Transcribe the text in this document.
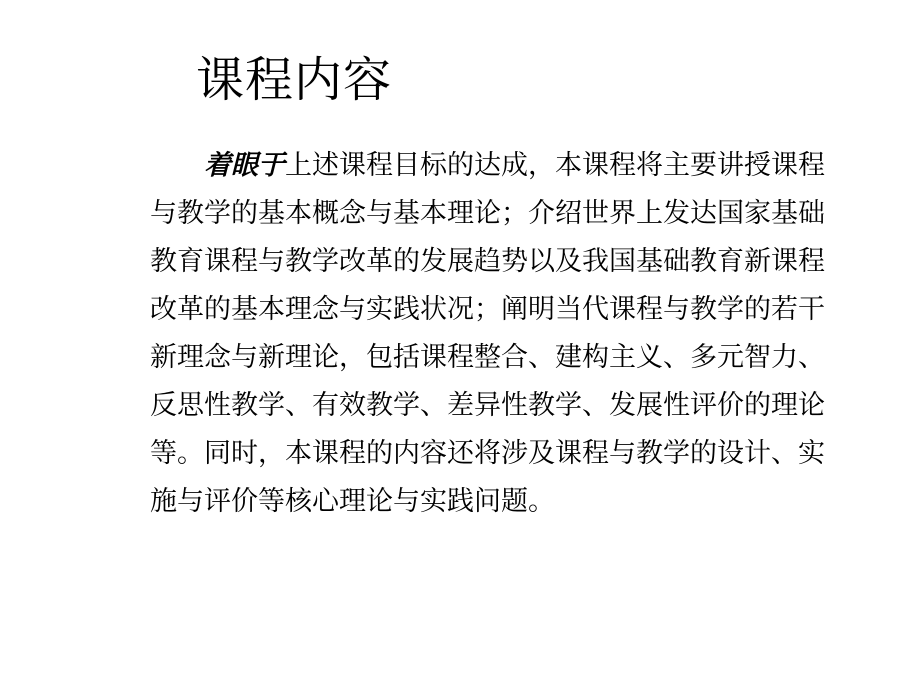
课程内容
着眼于上述课程目标的达成，本课程将主要讲授课程
与教学的基本概念与基本理论；介绍世界上发达国家基础
教育课程与教学改革的发展趋势以及我国基础教育新课程
改革的基本理念与实践状况；阐明当代课程与教学的若干
新理念与新理论，包括课程整合、建构主义、多元智力、
反思性教学、有效教学、差异性教学、发展性评价的理论
等。同时，本课程的内容还将涉及课程与教学的设计、实
施与评价等核心理论与实践问题。
